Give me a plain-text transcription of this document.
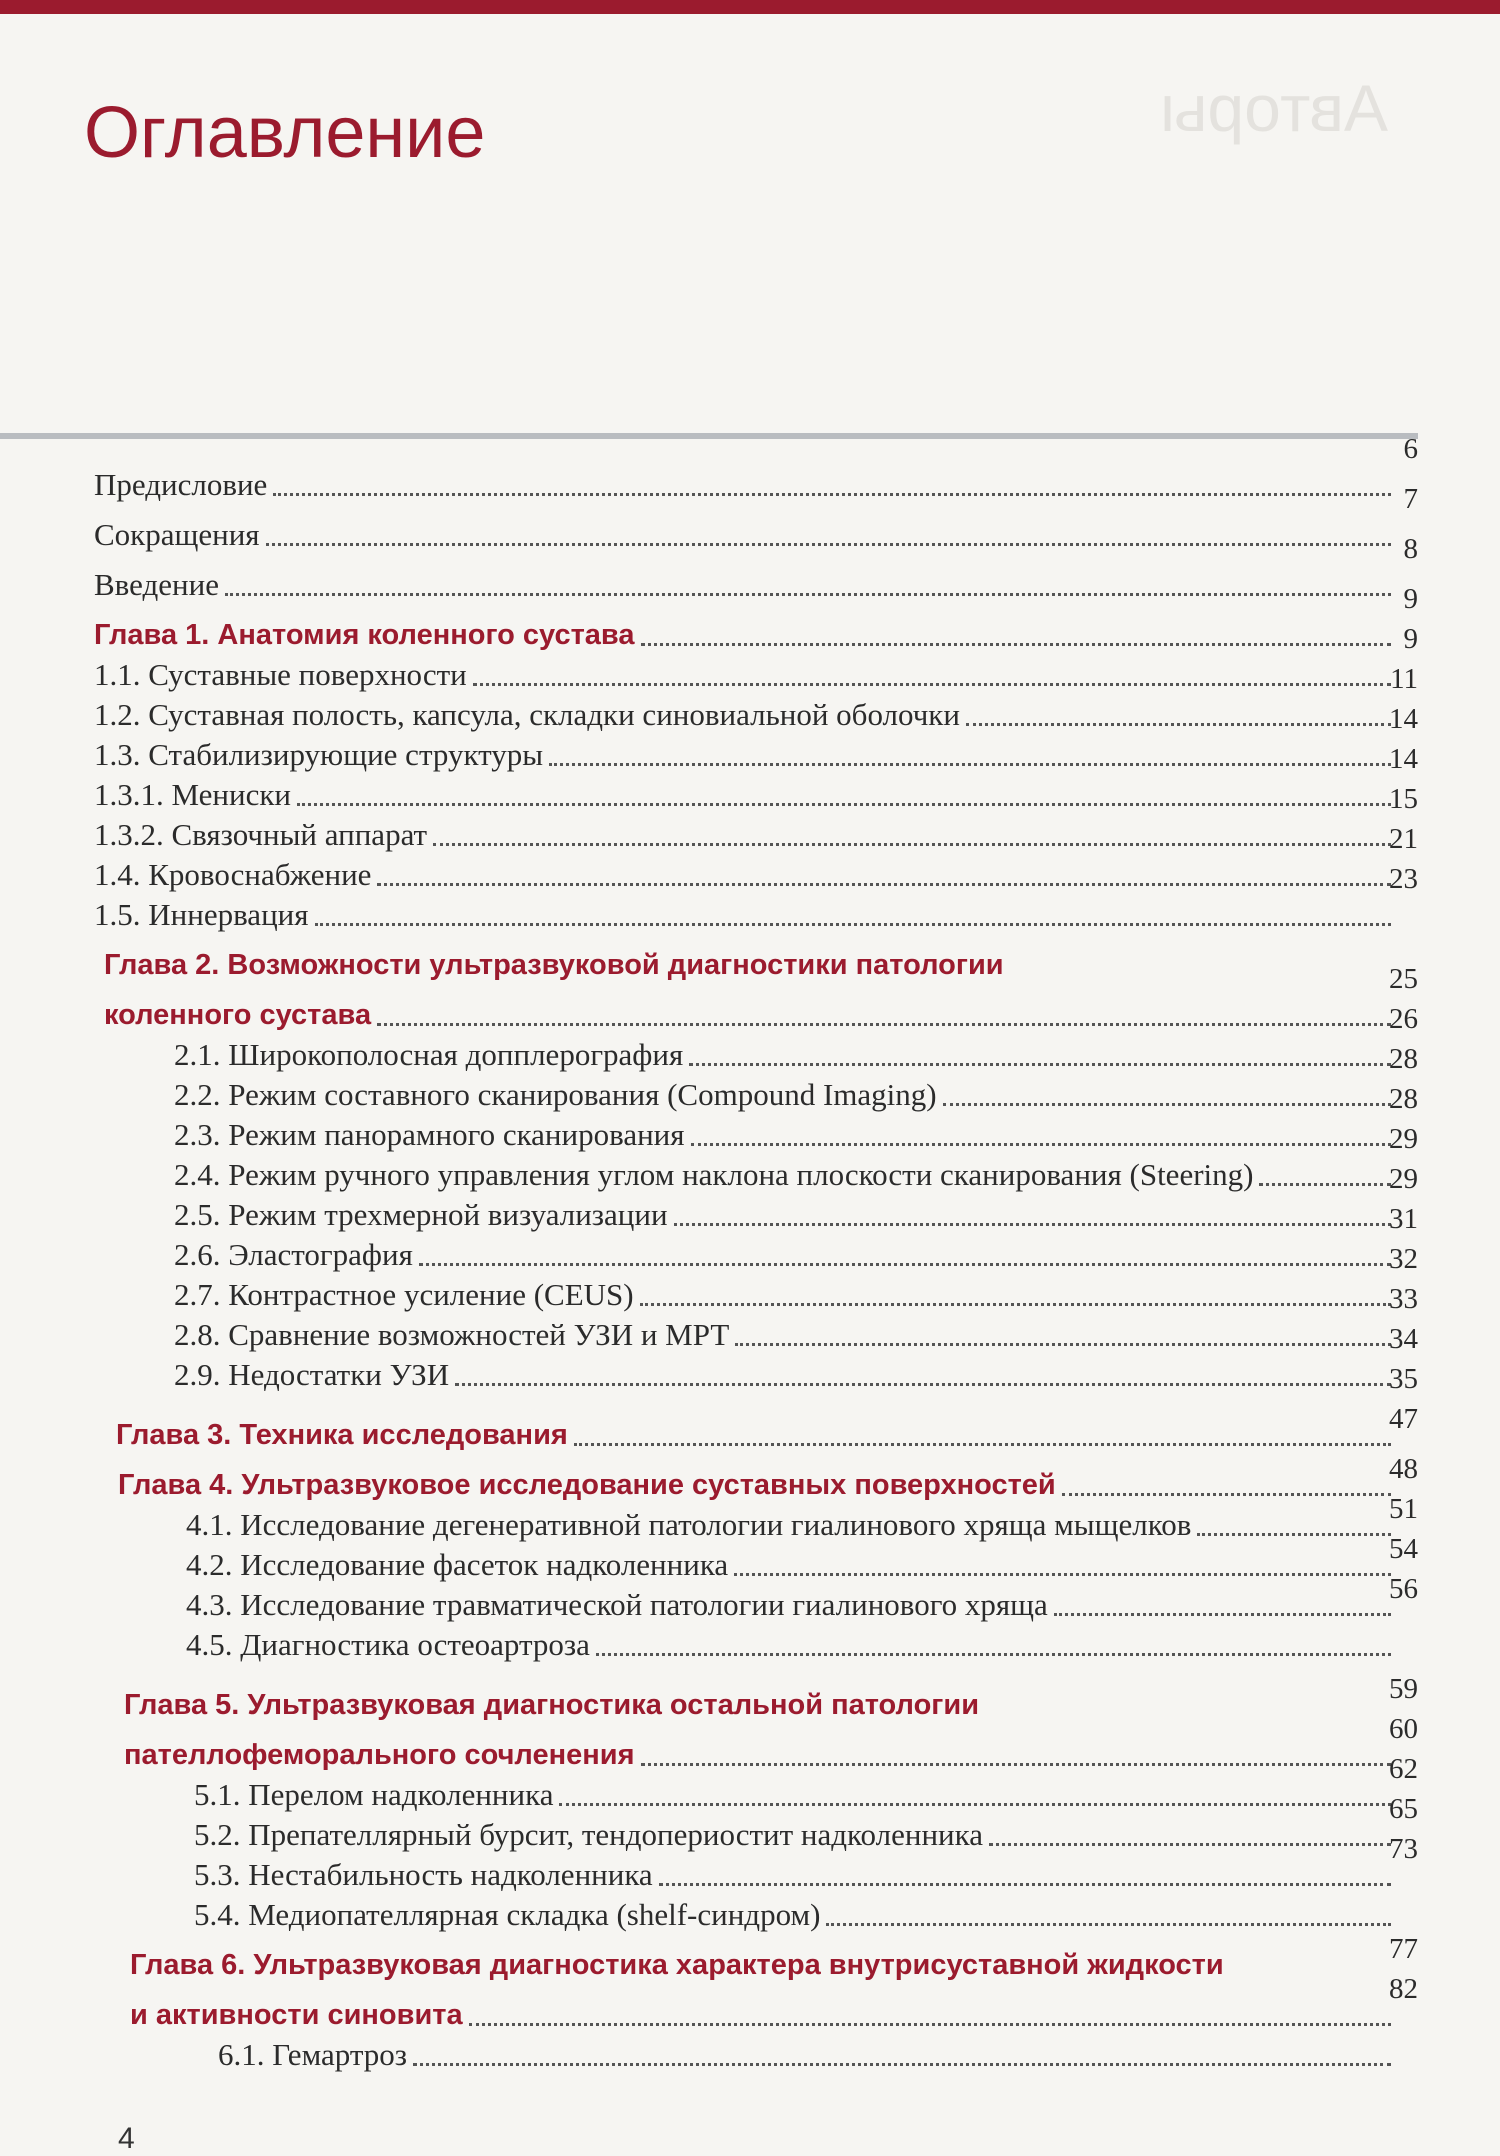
Авторы
Оглавление
Предисловие
Сокращения
Введение
Глава 1. Анатомия коленного сустава
1.1. Суставные поверхности
1.2. Суставная полость, капсула, складки синовиальной оболочки
1.3. Стабилизирующие структуры
1.3.1. Мениски
1.3.2. Связочный аппарат
1.4. Кровоснабжение
1.5. Иннервация
Глава 2. Возможности ультразвуковой диагностики патологии
коленного сустава
2.1. Широкополосная допплерография
2.2. Режим составного сканирования (Compound Imaging)
2.3. Режим панорамного сканирования
2.4. Режим ручного управления углом наклона плоскости сканирования (Steering)
2.5. Режим трехмерной визуализации
2.6. Эластография
2.7. Контрастное усиление (CEUS)
2.8. Сравнение возможностей УЗИ и МРТ
2.9. Недостатки УЗИ
Глава 3. Техника исследования
Глава 4. Ультразвуковое исследование суставных поверхностей
4.1. Исследование дегенеративной патологии гиалинового хряща мыщелков
4.2. Исследование фасеток надколенника
4.3. Исследование травматической патологии гиалинового хряща
4.5. Диагностика остеоартроза
Глава 5. Ультразвуковая диагностика остальной патологии
пателлофеморального сочленения
5.1. Перелом надколенника
5.2. Препателлярный бурсит, тендопериостит надколенника
5.3. Нестабильность надколенника
5.4. Медиопателлярная складка (shelf-синдром)
Глава 6. Ультразвуковая диагностика характера внутрисуставной жидкости
и активности синовита
6.1. Гемартроз
6
7
8
9
9
11
14
14
15
21
23
25
26
28
28
29
29
31
32
33
34
35
47
48
51
54
56
59
60
62
65
73
77
82
4
